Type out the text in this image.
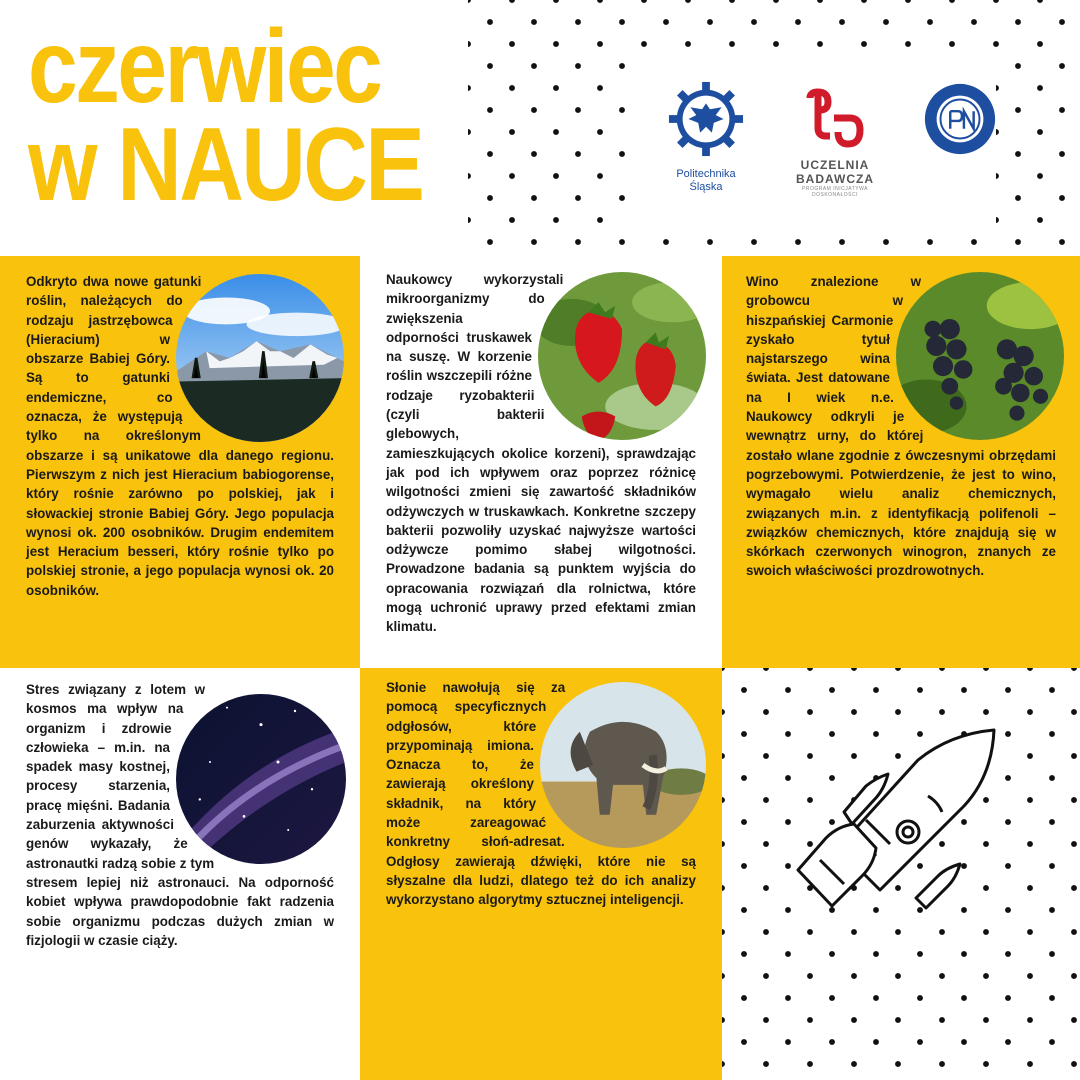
czerwiec
w NAUCE	Politechnika
Śląska
UCZELNIA
BADAWCZA
PROGRAM INICJATYWA DOSKONAŁOŚCI

Odkryto dwa nowe gatunki roślin, należących do rodzaju jastrzębowca (Hieracium) w obszarze Babiej Góry. Są to gatunki endemiczne, co oznacza, że występują tylko na określonym obszarze i są unikatowe dla danego regionu. Pierwszym z nich jest Hieracium babiogorense, który rośnie zarówno po polskiej, jak i słowackiej stronie Babiej Góry. Jego populacja wynosi ok. 200 osobników. Drugim endemitem jest Heracium besseri, który rośnie tylko po polskiej stronie, a jego populacja wynosi ok. 20 osobników.

Naukowcy wykorzystali mikroorganizmy do zwiększenia odporności truskawek na suszę. W korzenie roślin wszczepili różne rodzaje ryzobakterii (czyli bakterii glebowych, zamieszkujących okolice korzeni), sprawdzając jak pod ich wpływem oraz poprzez różnicę wilgotności zmieni się zawartość składników odżywczych w truskawkach. Konkretne szczepy bakterii pozwoliły uzyskać najwyższe wartości odżywcze pomimo słabej wilgotności. Prowadzone badania są punktem wyjścia do opracowania rozwiązań dla rolnictwa, które mogą uchronić uprawy przed efektami zmian klimatu.

Wino znalezione w grobowcu w hiszpańskiej Carmonie zyskało tytuł najstarszego wina świata. Jest datowane na I wiek n.e. Naukowcy odkryli je wewnątrz urny, do której zostało wlane zgodnie z ówczesnymi obrzędami pogrzebowymi. Potwierdzenie, że jest to wino, wymagało wielu analiz chemicznych, związanych m.in. z identyfikacją polifenoli – związków chemicznych, które znajdują się w skórkach czerwonych winogron, znanych ze swoich właściwości prozdrowotnych.

Stres związany z lotem w kosmos ma wpływ na organizm i zdrowie człowieka – m.in. na spadek masy kostnej, procesy starzenia, pracę mięśni. Badania zaburzenia aktywności genów wykazały, że astronautki radzą sobie z tym stresem lepiej niż astronauci. Na odporność kobiet wpływa prawdopodobnie fakt radzenia sobie organizmu podczas dużych zmian w fizjologii w czasie ciąży.

Słonie nawołują się za pomocą specyficznych odgłosów, które przypominają imiona. Oznacza to, że zawierają określony składnik, na który może zareagować konkretny słoń-adresat. Odgłosy zawierają dźwięki, które nie są słyszalne dla ludzi, dlatego też do ich analizy wykorzystano algorytmy sztucznej inteligencji.
